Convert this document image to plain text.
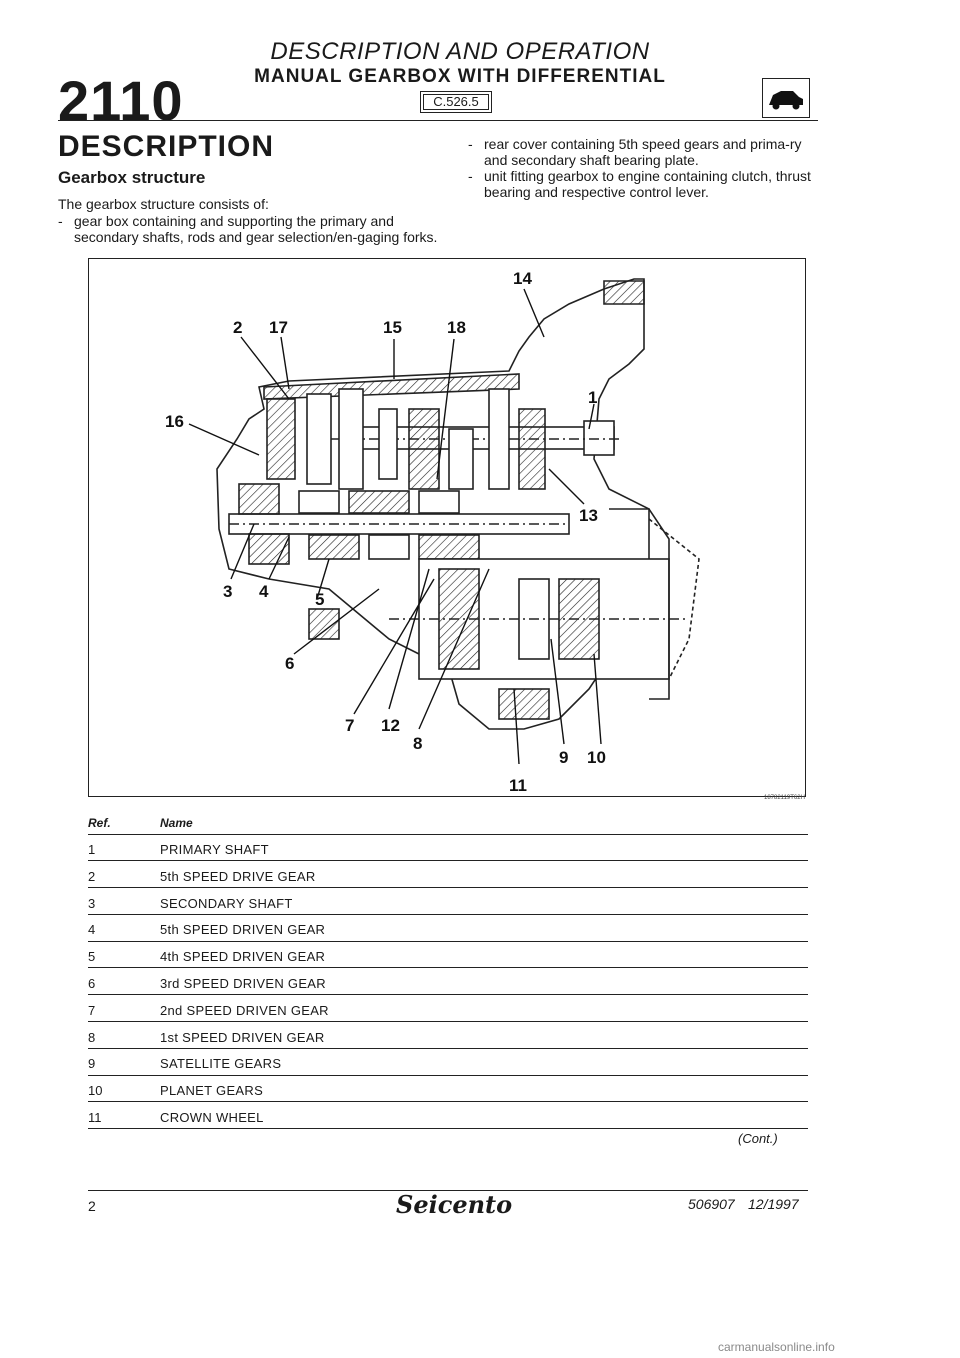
DESCRIPTION AND OPERATION
MANUAL GEARBOX WITH DIFFERENTIAL
C.526.5
2110
DESCRIPTION
Gearbox structure
The gearbox structure consists of:
- gear box containing and supporting the primary and secondary shafts, rods and gear selection/en-gaging forks.
- rear cover containing 5th speed gears and prima-ry and secondary shaft bearing plate.
- unit fitting gearbox to engine containing clutch, thrust bearing and respective control lever.
14
2 17	15	18
16
1
13
3 4	5
6
7 12
8
9 10
11
18782119T62H
Ref.	Name
1	PRIMARY SHAFT
2	5th SPEED DRIVE GEAR
3	SECONDARY SHAFT
4	5th SPEED DRIVEN GEAR
5	4th SPEED DRIVEN GEAR
6	3rd SPEED DRIVEN GEAR
7	2nd SPEED DRIVEN GEAR
8	1st SPEED DRIVEN GEAR
9	SATELLITE GEARS
10	PLANET GEARS
11	CROWN WHEEL
(Cont.)
2	Seicento	506907 12/1997
carmanualsonline.info
